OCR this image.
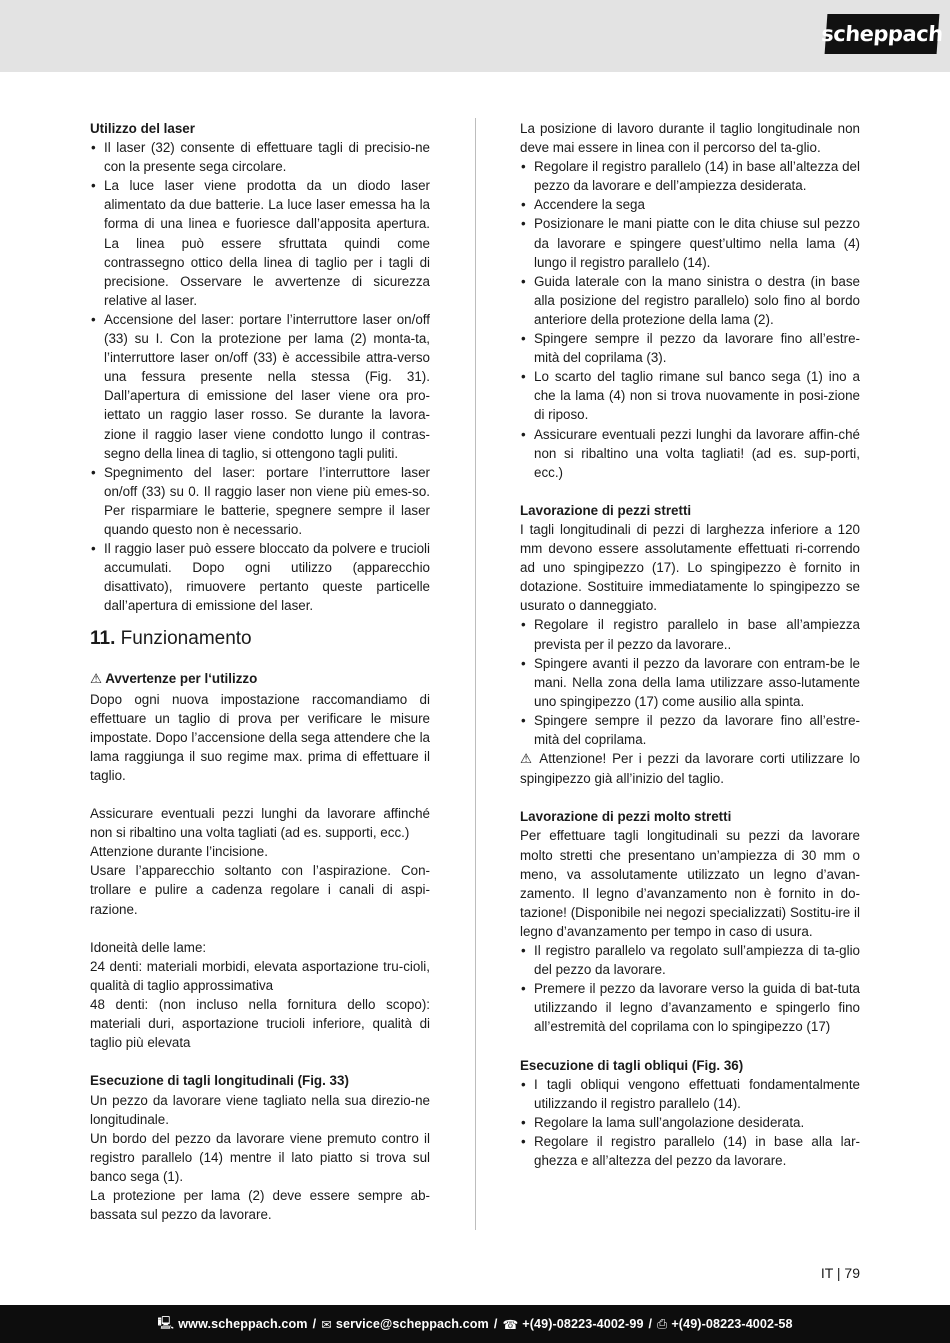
scheppach

Utilizzo del laser

• Il laser (32) consente di effettuare tagli di precisio-ne con la presente sega circolare.
• La luce laser viene prodotta da un diodo laser alimentato da due batterie. La luce laser emessa ha la forma di una linea e fuoriesce dall’apposita apertura. La linea può essere sfruttata quindi come contrassegno ottico della linea di taglio per i tagli di precisione. Osservare le avvertenze di sicurezza relative al laser.
• Accensione del laser: portare l’interruttore laser on/off (33) su I. Con la protezione per lama (2) monta-ta, l’interruttore laser on/off (33) è accessibile attra-verso una fessura presente nella stessa (Fig. 31). Dall’apertura di emissione del laser viene ora pro-iettato un raggio laser rosso. Se durante la lavora-zione il raggio laser viene condotto lungo il contras-segno della linea di taglio, si ottengono tagli puliti.
• Spegnimento del laser: portare l’interruttore laser on/off (33) su 0. Il raggio laser non viene più emes-so. Per risparmiare le batterie, spegnere sempre il laser quando questo non è necessario.
• Il raggio laser può essere bloccato da polvere e trucioli accumulati. Dopo ogni utilizzo (apparecchio disattivato), rimuovere pertanto queste particelle dall’apertura di emissione del laser.
11. Funzionamento

⚠ Avvertenze per l‘utilizzo

Dopo ogni nuova impostazione raccomandiamo di effettuare un taglio di prova per verificare le misure impostate. Dopo l’accensione della sega attendere che la lama raggiunga il suo regime max. prima di effettuare il taglio.

Assicurare eventuali pezzi lunghi da lavorare affinché non si ribaltino una volta tagliati (ad es. supporti, ecc.)

Attenzione durante l’incisione.

Usare l’apparecchio soltanto con l’aspirazione. Con-trollare e pulire a cadenza regolare i canali di aspi-razione.

Idoneità delle lame:

24 denti: materiali morbidi, elevata asportazione tru-cioli, qualità di taglio approssimativa

48 denti: (non incluso nella fornitura dello scopo): materiali duri, asportazione trucioli inferiore, qualità di taglio più elevata

Esecuzione di tagli longitudinali (Fig. 33)

Un pezzo da lavorare viene tagliato nella sua direzio-ne longitudinale.

Un bordo del pezzo da lavorare viene premuto contro il registro parallelo (14) mentre il lato piatto si trova sul banco sega (1).

La protezione per lama (2) deve essere sempre ab-bassata sul pezzo da lavorare.

La posizione di lavoro durante il taglio longitudinale non deve mai essere in linea con il percorso del ta-glio.

• Regolare il registro parallelo (14) in base all’altezza del pezzo da lavorare e dell’ampiezza desiderata.
• Accendere la sega
• Posizionare le mani piatte con le dita chiuse sul pezzo da lavorare e spingere quest’ultimo nella lama (4) lungo il registro parallelo (14).
• Guida laterale con la mano sinistra o destra (in base alla posizione del registro parallelo) solo fino al bordo anteriore della protezione della lama (2).
• Spingere sempre il pezzo da lavorare fino all’estre-mità del coprilama (3).
• Lo scarto del taglio rimane sul banco sega (1) ino a che la lama (4) non si trova nuovamente in posi-zione di riposo.
• Assicurare eventuali pezzi lunghi da lavorare affin-ché non si ribaltino una volta tagliati! (ad es. sup-porti, ecc.)

Lavorazione di pezzi stretti

I tagli longitudinali di pezzi di larghezza inferiore a 120 mm devono essere assolutamente effettuati ri-correndo ad uno spingipezzo (17). Lo spingipezzo è fornito in dotazione. Sostituire immediatamente lo spingipezzo se usurato o danneggiato.

• Regolare il registro parallelo in base all’ampiezza prevista per il pezzo da lavorare..
• Spingere avanti il pezzo da lavorare con entram-be le mani. Nella zona della lama utilizzare asso-lutamente uno spingipezzo (17) come ausilio alla spinta.
• Spingere sempre il pezzo da lavorare fino all’estre-mità del coprilama.

⚠ Attenzione! Per i pezzi da lavorare corti utilizzare lo spingipezzo già all’inizio del taglio.

Lavorazione di pezzi molto stretti

Per effettuare tagli longitudinali su pezzi da lavorare molto stretti che presentano un’ampiezza di 30 mm o meno, va assolutamente utilizzato un legno d’avan-zamento. Il legno d’avanzamento non è fornito in do-tazione! (Disponibile nei negozi specializzati) Sostitu-ire il legno d’avanzamento per tempo in caso di usura.

• Il registro parallelo va regolato sull’ampiezza di ta-glio del pezzo da lavorare.
• Premere il pezzo da lavorare verso la guida di bat-tuta utilizzando il legno d’avanzamento e spingerlo fino all’estremità del coprilama con lo spingipezzo (17)

Esecuzione di tagli obliqui (Fig. 36)

• I tagli obliqui vengono effettuati fondamentalmente utilizzando il registro parallelo (14).
• Regolare la lama sull’angolazione desiderata.
• Regolare il registro parallelo (14) in base alla lar-ghezza e all’altezza del pezzo da lavorare.
IT | 79
🖳 www.scheppach.com / ✉ service@scheppach.com / ☎ +(49)-08223-4002-99 / ⎙ +(49)-08223-4002-58
